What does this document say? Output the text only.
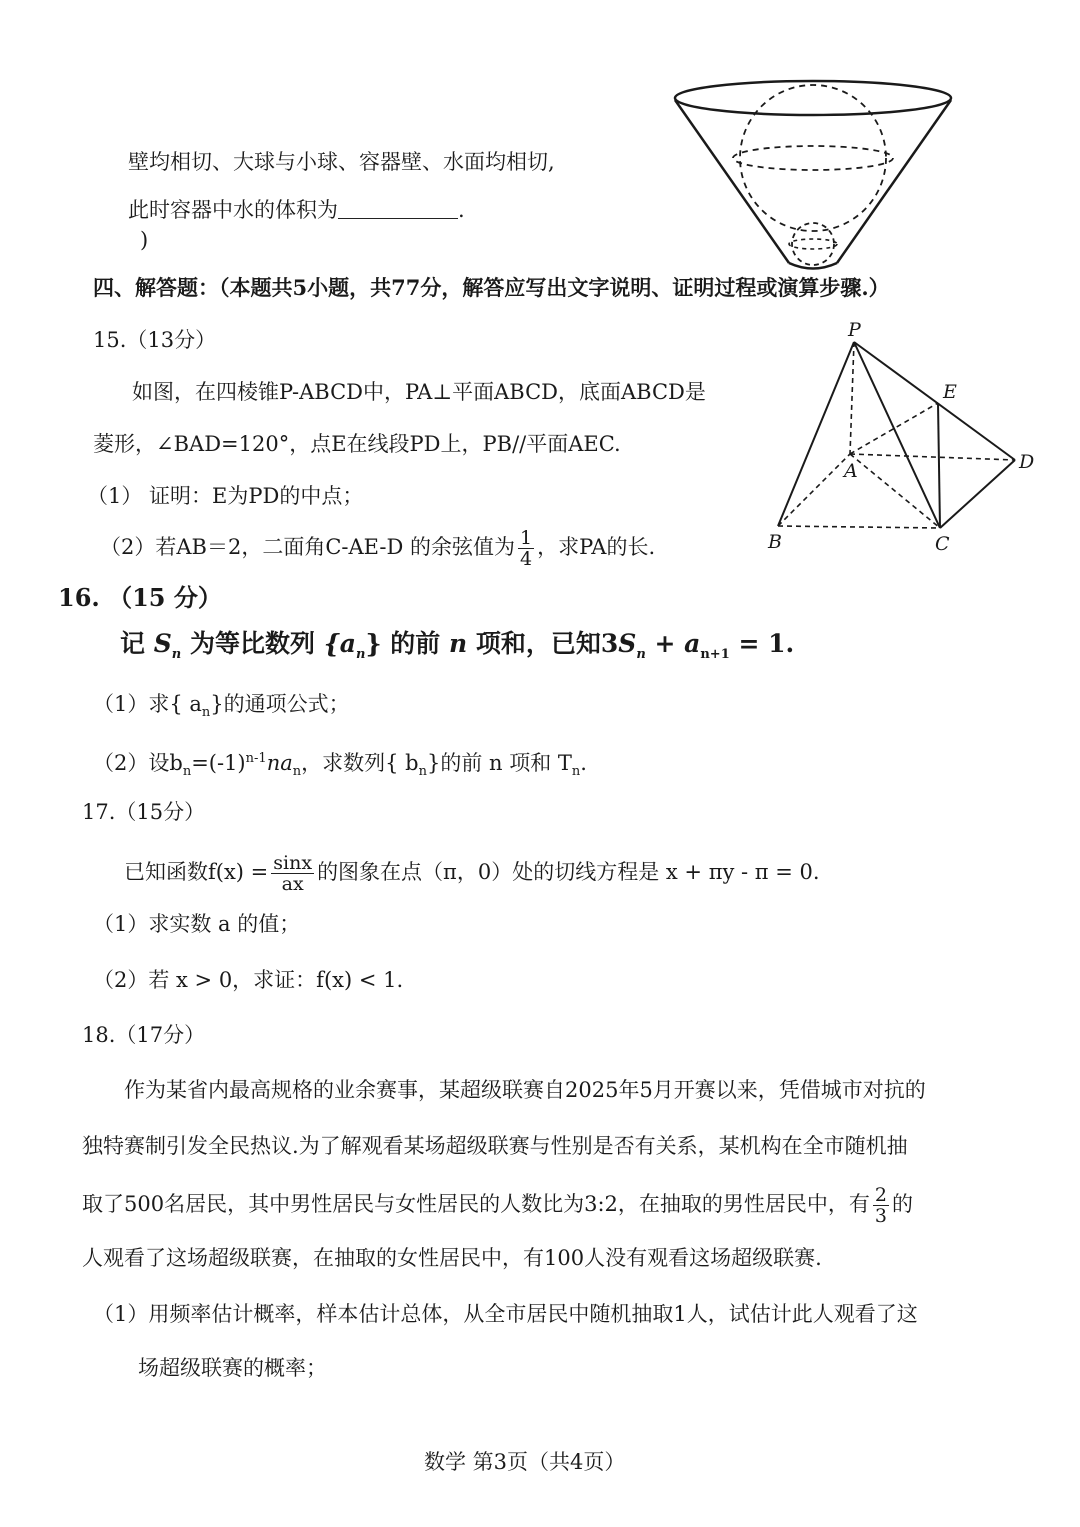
壁均相切、大球与小球、容器壁、水面均相切,
此时容器中水的体积为	.
)
四、解答题：（本题共5小题，共77分，解答应写出文字说明、证明过程或演算步骤.）
15.（13分）
如图，在四棱锥P-ABCD中，PA⊥平面ABCD，底面ABCD是
菱形，∠BAD=120°，点E在线段PD上，PB//平面AEC.
（1） 证明：E为PD的中点；
（2）若AB＝2，二面角C-AE-D 的余弦值为 $\frac{1}{4}$ ，求PA的长.
P
E
A	D
B	C
16. （15 分）
记 $S_n$ 为等比数列 $\{a_n\}$ 的前 n 项和，已知$3S_n + a_{n+1} = 1$.
（1）求{ $a_n$}的通项公式；
（2）设$b_n=(-1)^{n-1}na_n$，求数列{ $b_n$}的前 n 项和 $T_n$.
17.（15分）
已知函数$f(x) = \frac{\sin x}{ax}$ 的图象在点（π，0）处的切线方程是 x + πy - π = 0.
（1）求实数 a 的值；
（2）若 x > 0，求证：f(x) < 1.
18.（17分）
作为某省内最高规格的业余赛事，某超级联赛自2025年5月开赛以来，凭借城市对抗的
独特赛制引发全民热议.为了解观看某场超级联赛与性别是否有关系，某机构在全市随机抽
取了500名居民，其中男性居民与女性居民的人数比为3:2，在抽取的男性居民中，有 $\frac{2}{3}$ 的
人观看了这场超级联赛，在抽取的女性居民中，有100人没有观看这场超级联赛.
（1）用频率估计概率，样本估计总体，从全市居民中随机抽取1人，试估计此人观看了这
场超级联赛的概率；
数学 第3页（共4页）
